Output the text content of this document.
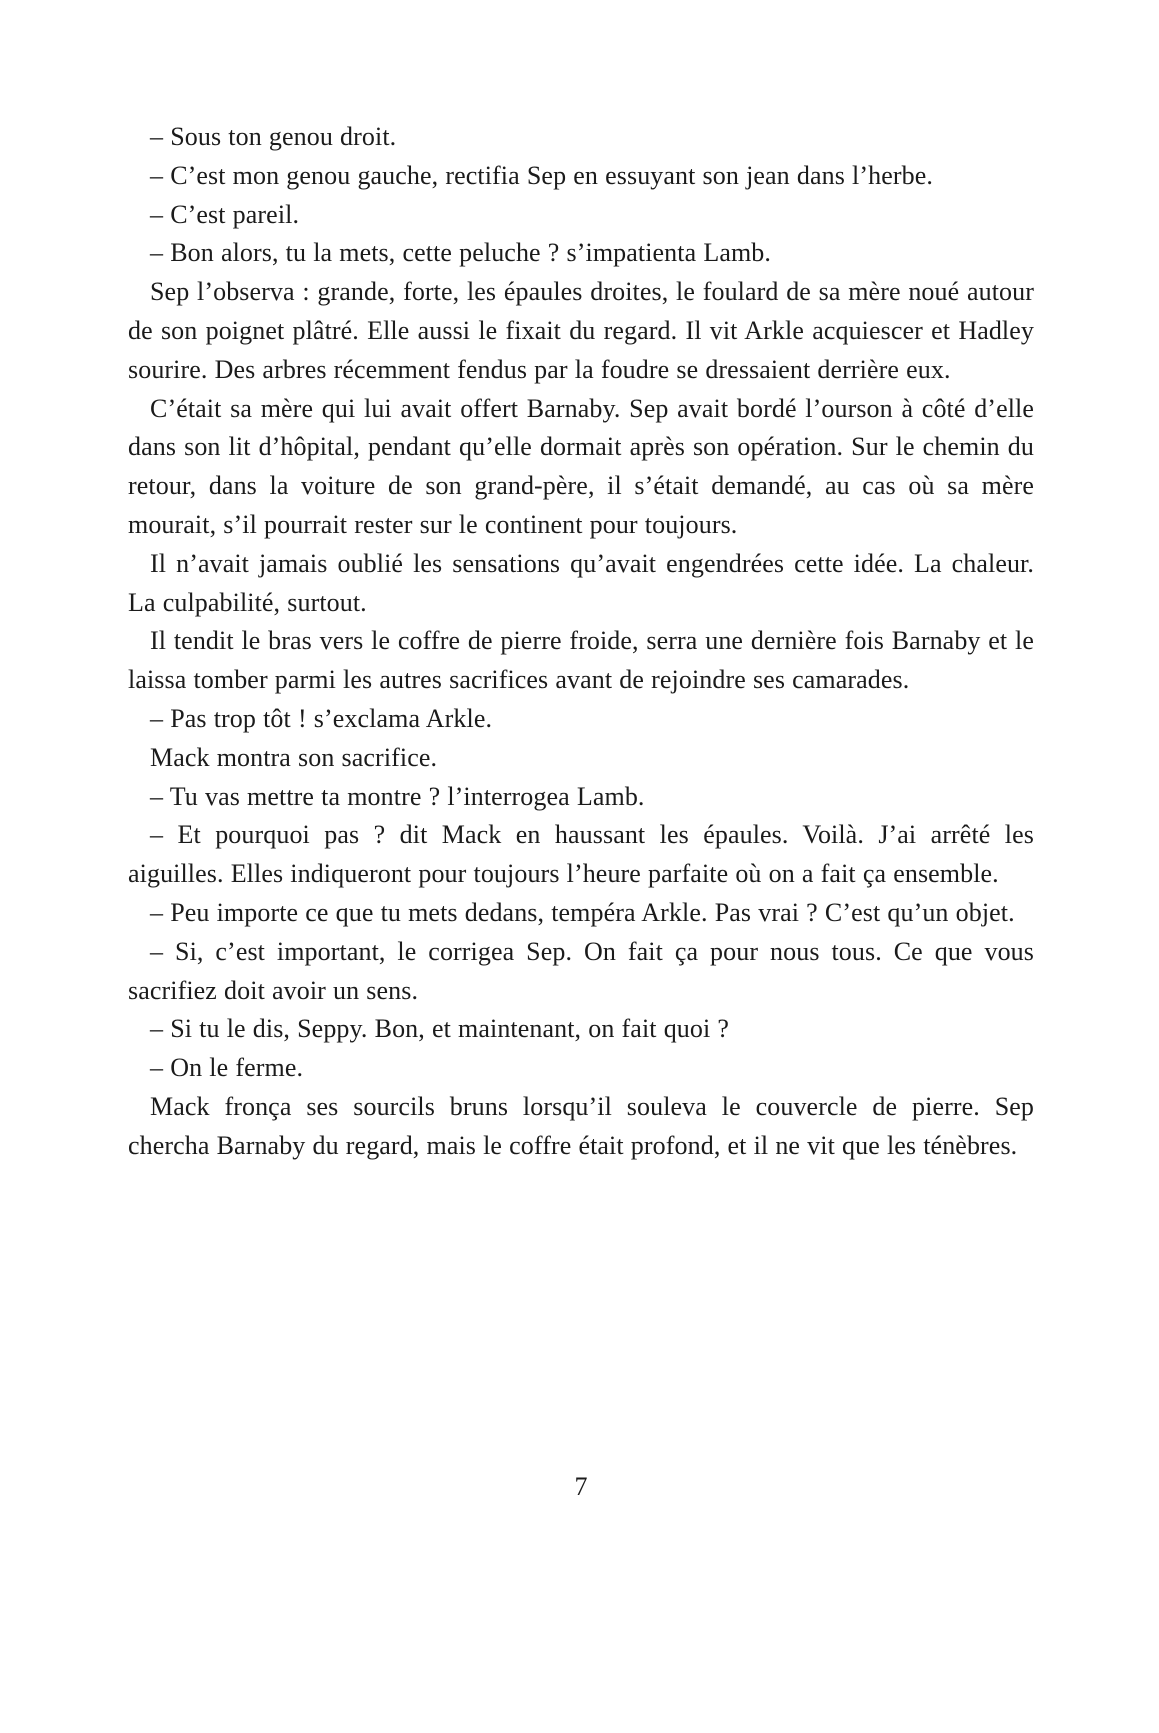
– Sous ton genou droit.

– C’est mon genou gauche, rectifia Sep en essuyant son jean dans l’herbe.

– C’est pareil.

– Bon alors, tu la mets, cette peluche ? s’impatienta Lamb.

Sep l’observa : grande, forte, les épaules droites, le foulard de sa mère noué autour de son poignet plâtré. Elle aussi le fixait du regard. Il vit Arkle acquiescer et Hadley sourire. Des arbres récemment fendus par la foudre se dressaient derrière eux.

C’était sa mère qui lui avait offert Barnaby. Sep avait bordé l’ourson à côté d’elle dans son lit d’hôpital, pendant qu’elle dormait après son opération. Sur le chemin du retour, dans la voiture de son grand-père, il s’était demandé, au cas où sa mère mourait, s’il pourrait rester sur le continent pour toujours.

Il n’avait jamais oublié les sensations qu’avait engendrées cette idée. La chaleur. La culpabilité, surtout.

Il tendit le bras vers le coffre de pierre froide, serra une dernière fois Barnaby et le laissa tomber parmi les autres sacrifices avant de rejoindre ses camarades.

– Pas trop tôt ! s’exclama Arkle.

Mack montra son sacrifice.

– Tu vas mettre ta montre ? l’interrogea Lamb.

– Et pourquoi pas ? dit Mack en haussant les épaules. Voilà. J’ai arrêté les aiguilles. Elles indiqueront pour toujours l’heure parfaite où on a fait ça ensemble.

– Peu importe ce que tu mets dedans, tempéra Arkle. Pas vrai ? C’est qu’un objet.

– Si, c’est important, le corrigea Sep. On fait ça pour nous tous. Ce que vous sacrifiez doit avoir un sens.

– Si tu le dis, Seppy. Bon, et maintenant, on fait quoi ?

– On le ferme.

Mack fronça ses sourcils bruns lorsqu’il souleva le couvercle de pierre. Sep chercha Barnaby du regard, mais le coffre était profond, et il ne vit que les ténèbres.

7
